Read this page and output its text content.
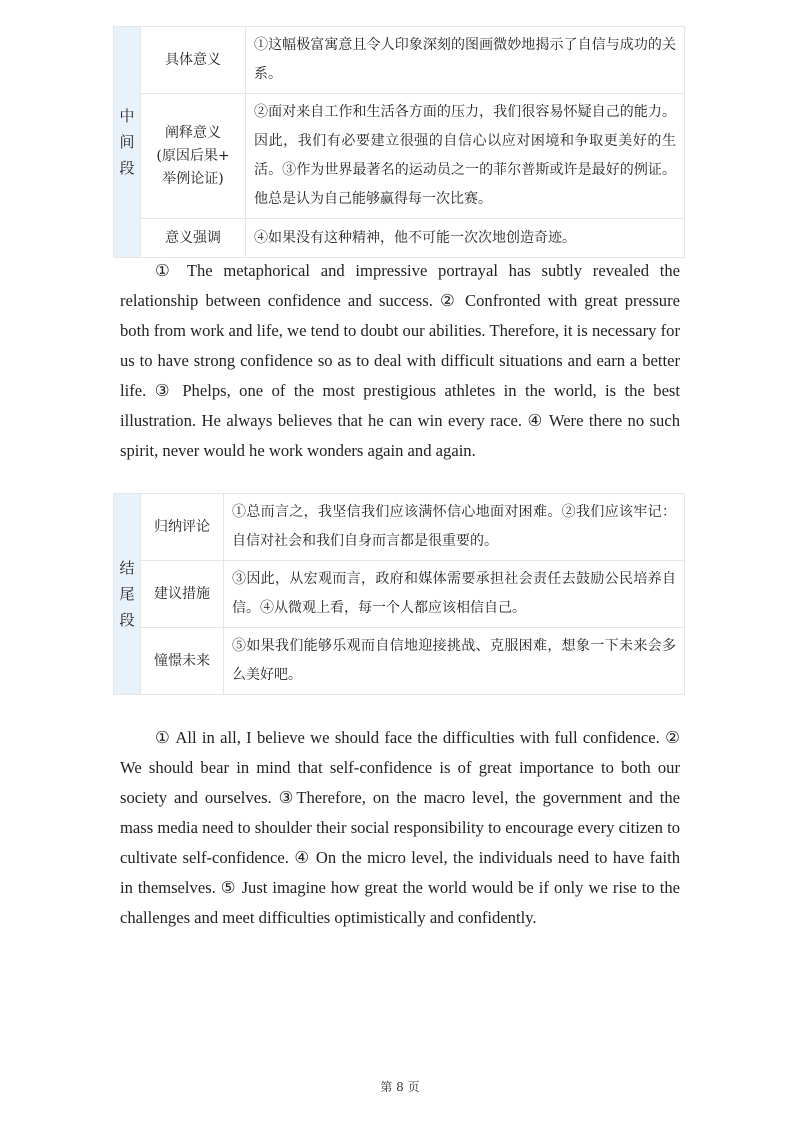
中
间
段	具体意义	①这幅极富寓意且令人印象深刻的图画微妙地揭示了自信与成功的关系。

	阐释意义
(原因后果+
举例论证)	②面对来自工作和生活各方面的压力，我们很容易怀疑自己的能力。因此，我们有必要建立很强的自信心以应对困境和争取更美好的生活。③作为世界最著名的运动员之一的菲尔普斯或许是最好的例证。他总是认为自己能够赢得每一次比赛。
	意义强调	④如果没有这种精神，他不可能一次次地创造奇迹。

① The metaphorical and impressive portrayal has subtly revealed the relationship between confidence and success. ② Confronted with great pressure both from work and life, we tend to doubt our abilities. Therefore, it is necessary for us to have strong confidence so as to deal with difficult situations and earn a better life. ③ Phelps, one of the most prestigious athletes in the world, is the best illustration. He always believes that he can win every race. ④ Were there no such spirit, never would he work wonders again and again.

结
尾
段	归纳评论	①总而言之，我坚信我们应该满怀信心地面对困难。②我们应该牢记：自信对社会和我们自身而言都是很重要的。
	建议措施	③因此，从宏观而言，政府和媒体需要承担社会责任去鼓励公民培养自信。④从微观上看，每一个人都应该相信自己。
	憧憬未来	⑤如果我们能够乐观而自信地迎接挑战、克服困难，想象一下未来会多么美好吧。

① All in all, I believe we should face the difficulties with full confidence. ② We should bear in mind that self-confidence is of great importance to both our society and ourselves. ③Therefore, on the macro level, the government and the mass media need to shoulder their social responsibility to encourage every citizen to cultivate self-confidence. ④ On the micro level, the individuals need to have faith in themselves. ⑤ Just imagine how great the world would be if only we rise to the challenges and meet difficulties optimistically and confidently.

第 8 页
